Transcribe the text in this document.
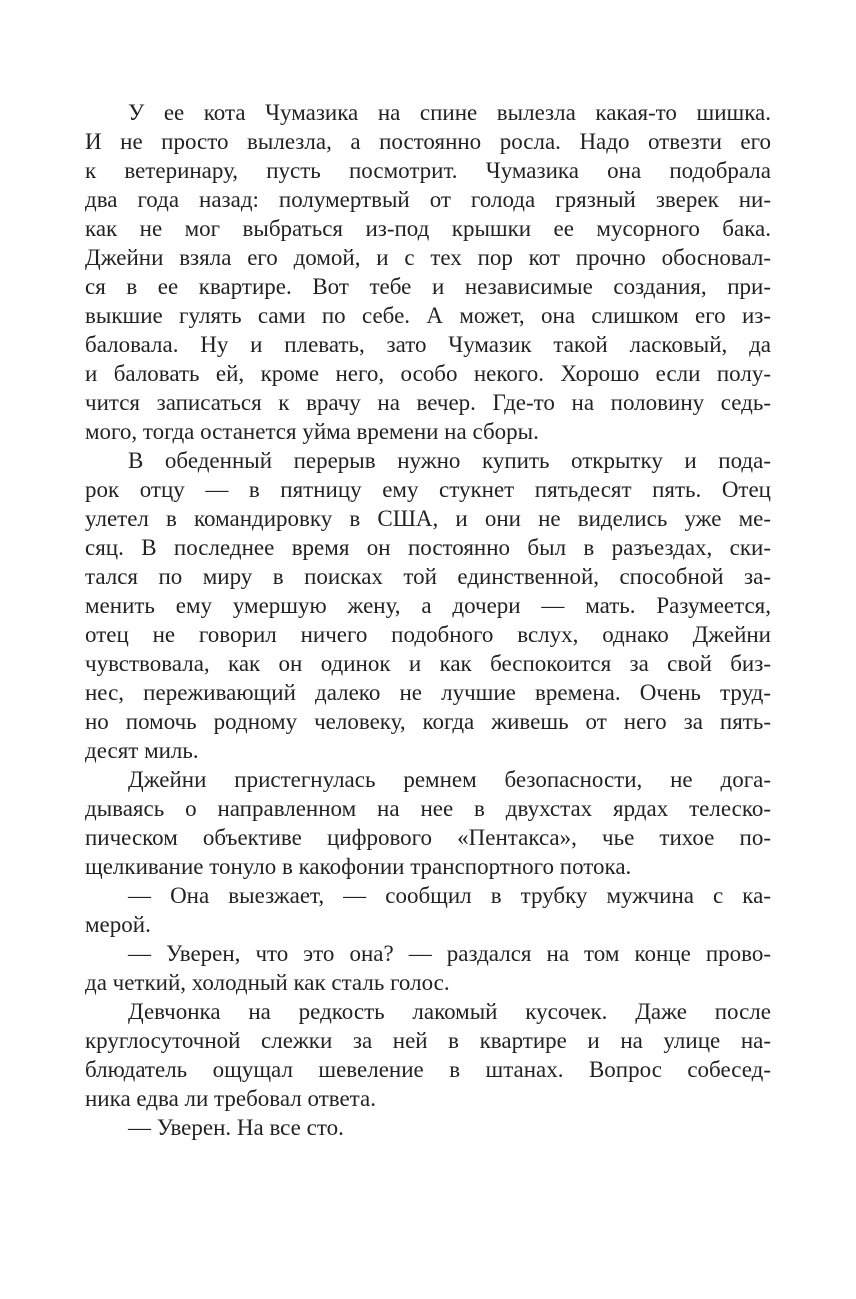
У ее кота Чумазика на спине вылезла какая-то шишка.
И не просто вылезла, а постоянно росла. Надо отвезти его
к ветеринару, пусть посмотрит. Чумазика она подобрала
два года назад: полумертвый от голода грязный зверек ни-
как не мог выбраться из-под крышки ее мусорного бака.
Джейни взяла его домой, и с тех пор кот прочно обосновал-
ся в ее квартире. Вот тебе и независимые создания, при-
выкшие гулять сами по себе. А может, она слишком его из-
баловала. Ну и плевать, зато Чумазик такой ласковый, да
и баловать ей, кроме него, особо некого. Хорошо если полу-
чится записаться к врачу на вечер. Где-то на половину седь-
мого, тогда останется уйма времени на сборы.
В обеденный перерыв нужно купить открытку и пода-
рок отцу — в пятницу ему стукнет пятьдесят пять. Отец
улетел в командировку в США, и они не виделись уже ме-
сяц. В последнее время он постоянно был в разъездах, ски-
тался по миру в поисках той единственной, способной за-
менить ему умершую жену, а дочери — мать. Разумеется,
отец не говорил ничего подобного вслух, однако Джейни
чувствовала, как он одинок и как беспокоится за свой биз-
нес, переживающий далеко не лучшие времена. Очень труд-
но помочь родному человеку, когда живешь от него за пять-
десят миль.
Джейни пристегнулась ремнем безопасности, не дога-
дываясь о направленном на нее в двухстах ярдах телеско-
пическом объективе цифрового «Пентакса», чье тихое по-
щелкивание тонуло в какофонии транспортного потока.
— Она выезжает, — сообщил в трубку мужчина с ка-
мерой.
— Уверен, что это она? — раздался на том конце прово-
да четкий, холодный как сталь голос.
Девчонка на редкость лакомый кусочек. Даже после
круглосуточной слежки за ней в квартире и на улице на-
блюдатель ощущал шевеление в штанах. Вопрос собесед-
ника едва ли требовал ответа.
— Уверен. На все сто.
